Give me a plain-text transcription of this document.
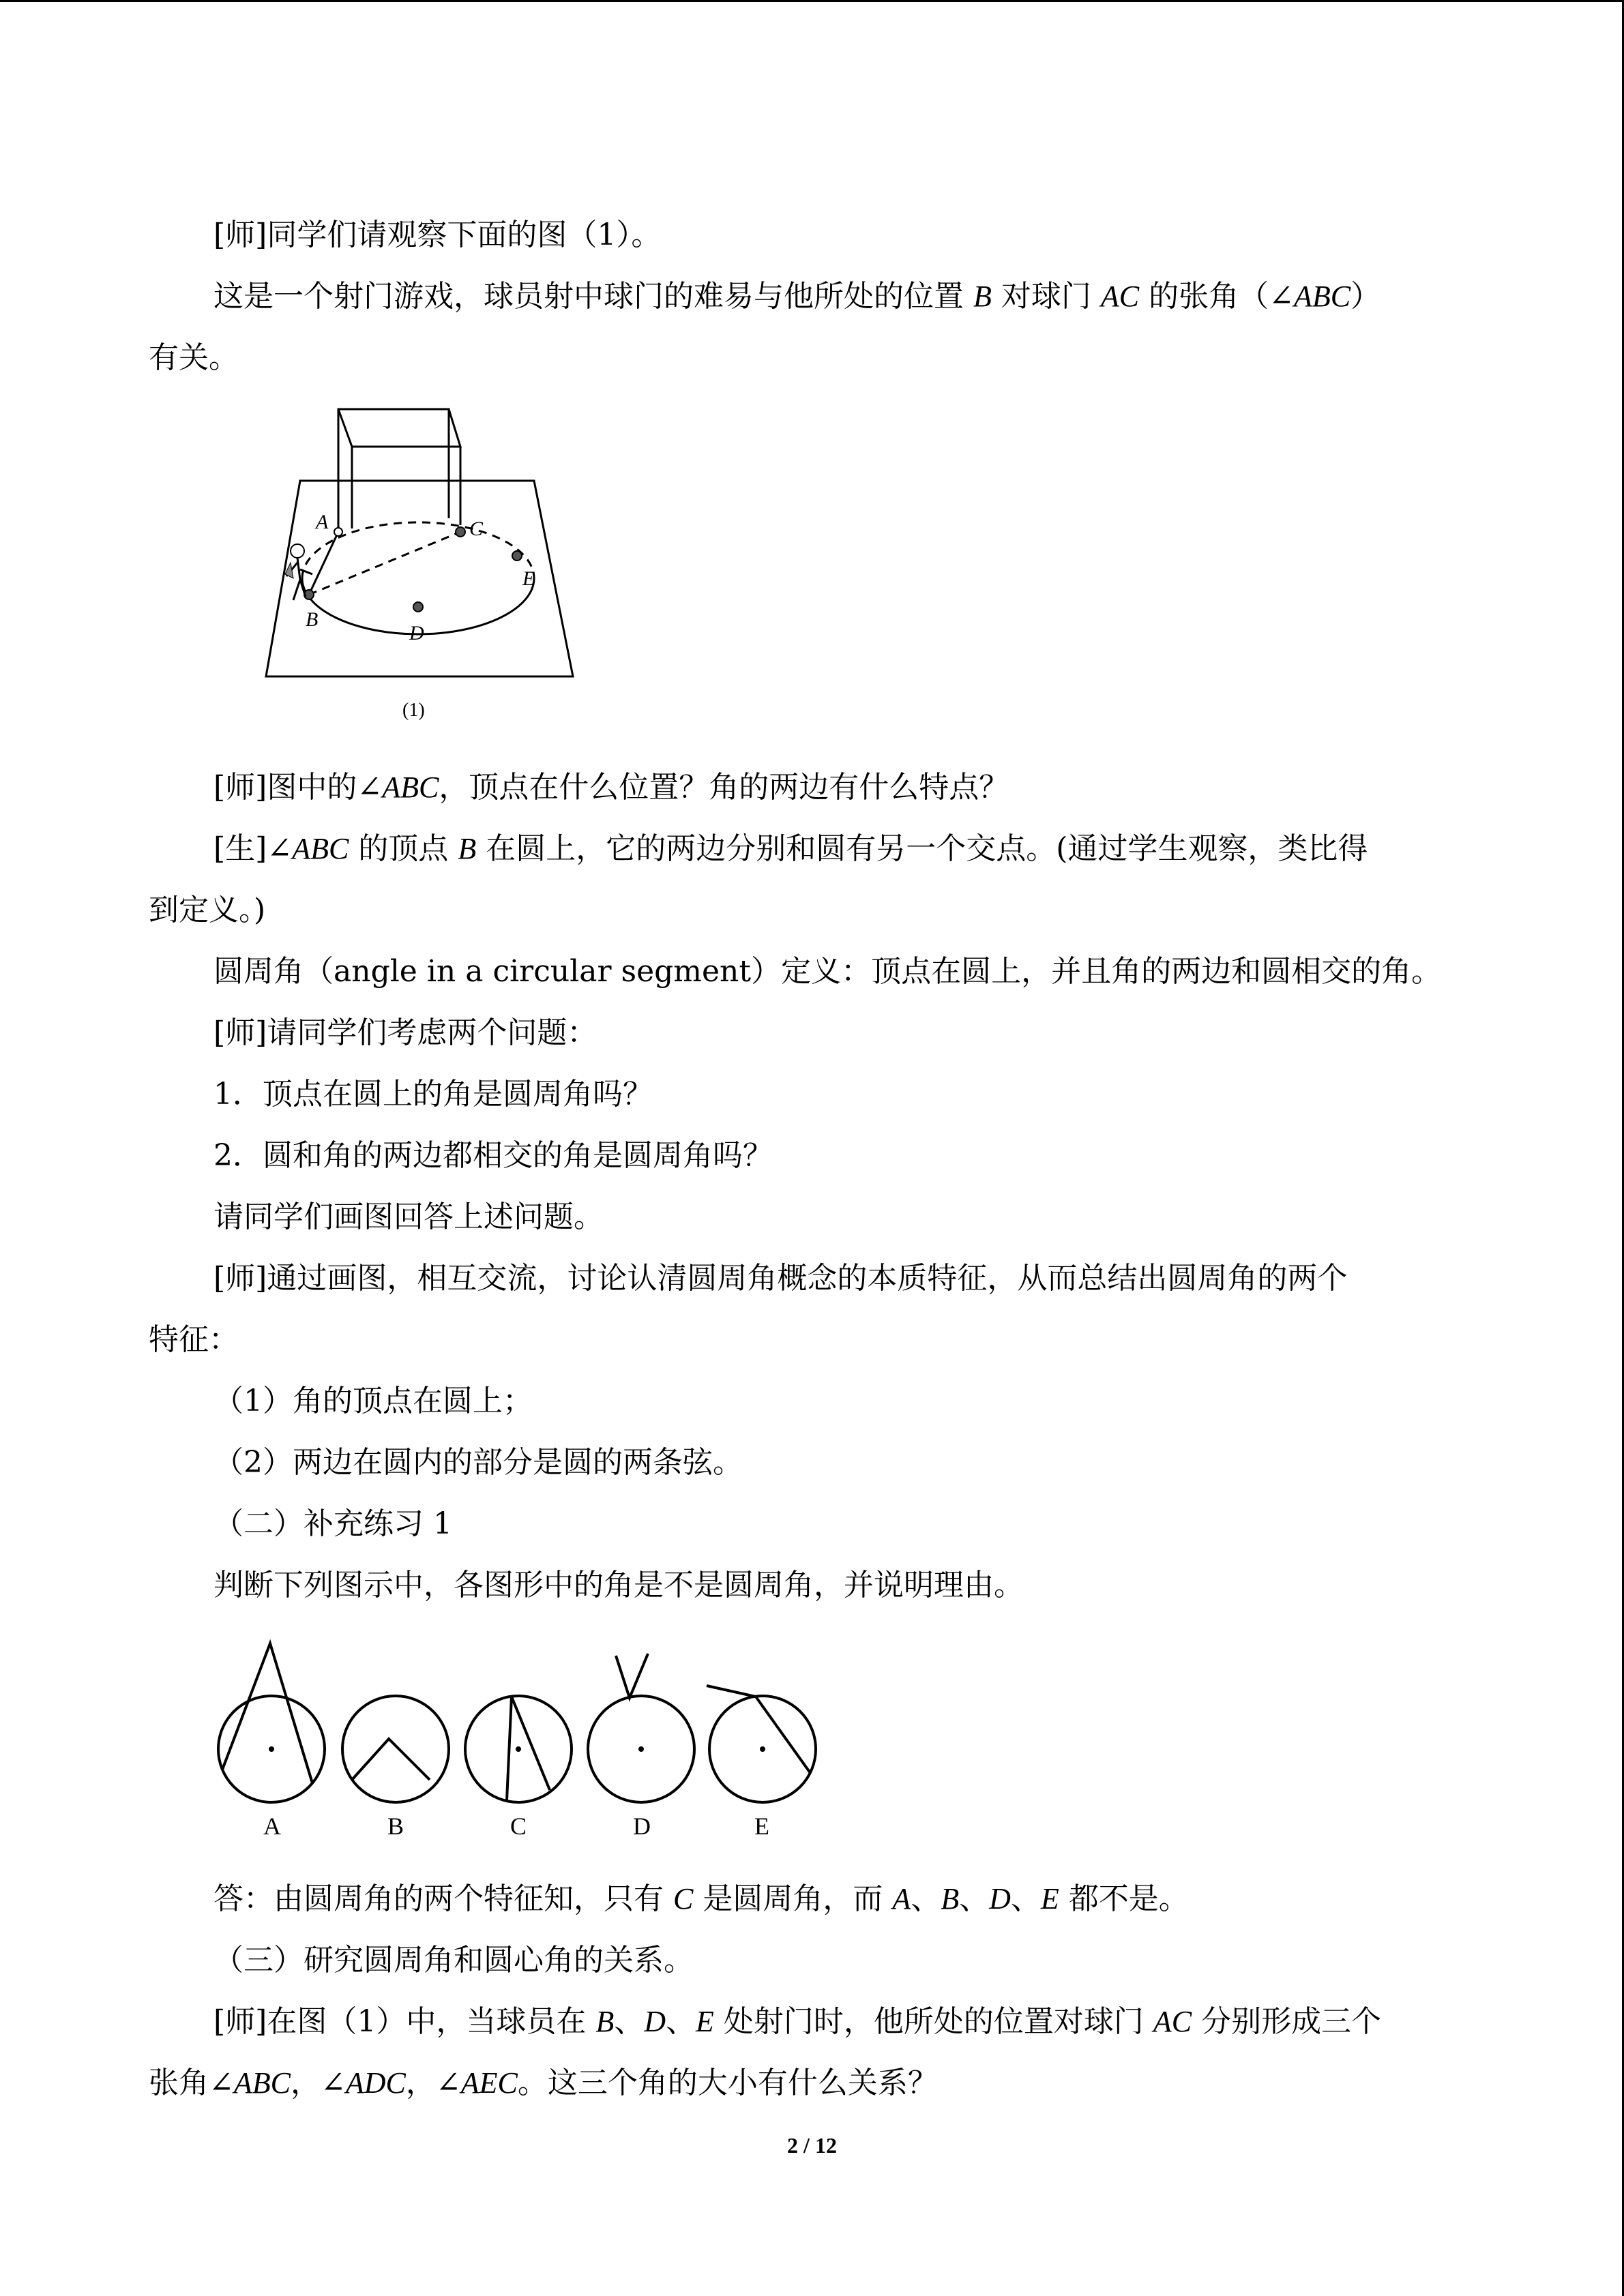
[师]同学们请观察下面的图（1）。

这是一个射门游戏，球员射中球门的难易与他所处的位置 B 对球门 AC 的张角（∠ABC）

有关。

A	C
E
B
D
(1)

[师]图中的∠ABC，顶点在什么位置？角的两边有什么特点？

[生]∠ABC 的顶点 B 在圆上，它的两边分别和圆有另一个交点。(通过学生观察，类比得

到定义。)

圆周角（angle in a circular segment）定义：顶点在圆上，并且角的两边和圆相交的角。

[师]请同学们考虑两个问题：

1．顶点在圆上的角是圆周角吗？

2．圆和角的两边都相交的角是圆周角吗？

请同学们画图回答上述问题。

[师]通过画图，相互交流，讨论认清圆周角概念的本质特征，从而总结出圆周角的两个

特征：

（1）角的顶点在圆上；

（2）两边在圆内的部分是圆的两条弦。

（二）补充练习 1

判断下列图示中，各图形中的角是不是圆周角，并说明理由。

A	B	C	D	E

答：由圆周角的两个特征知，只有 C 是圆周角，而 A、B、D、E 都不是。

（三）研究圆周角和圆心角的关系。

[师]在图（1）中，当球员在 B、D、E 处射门时，他所处的位置对球门 AC 分别形成三个

张角∠ABC，∠ADC，∠AEC。这三个角的大小有什么关系？

2 / 12
